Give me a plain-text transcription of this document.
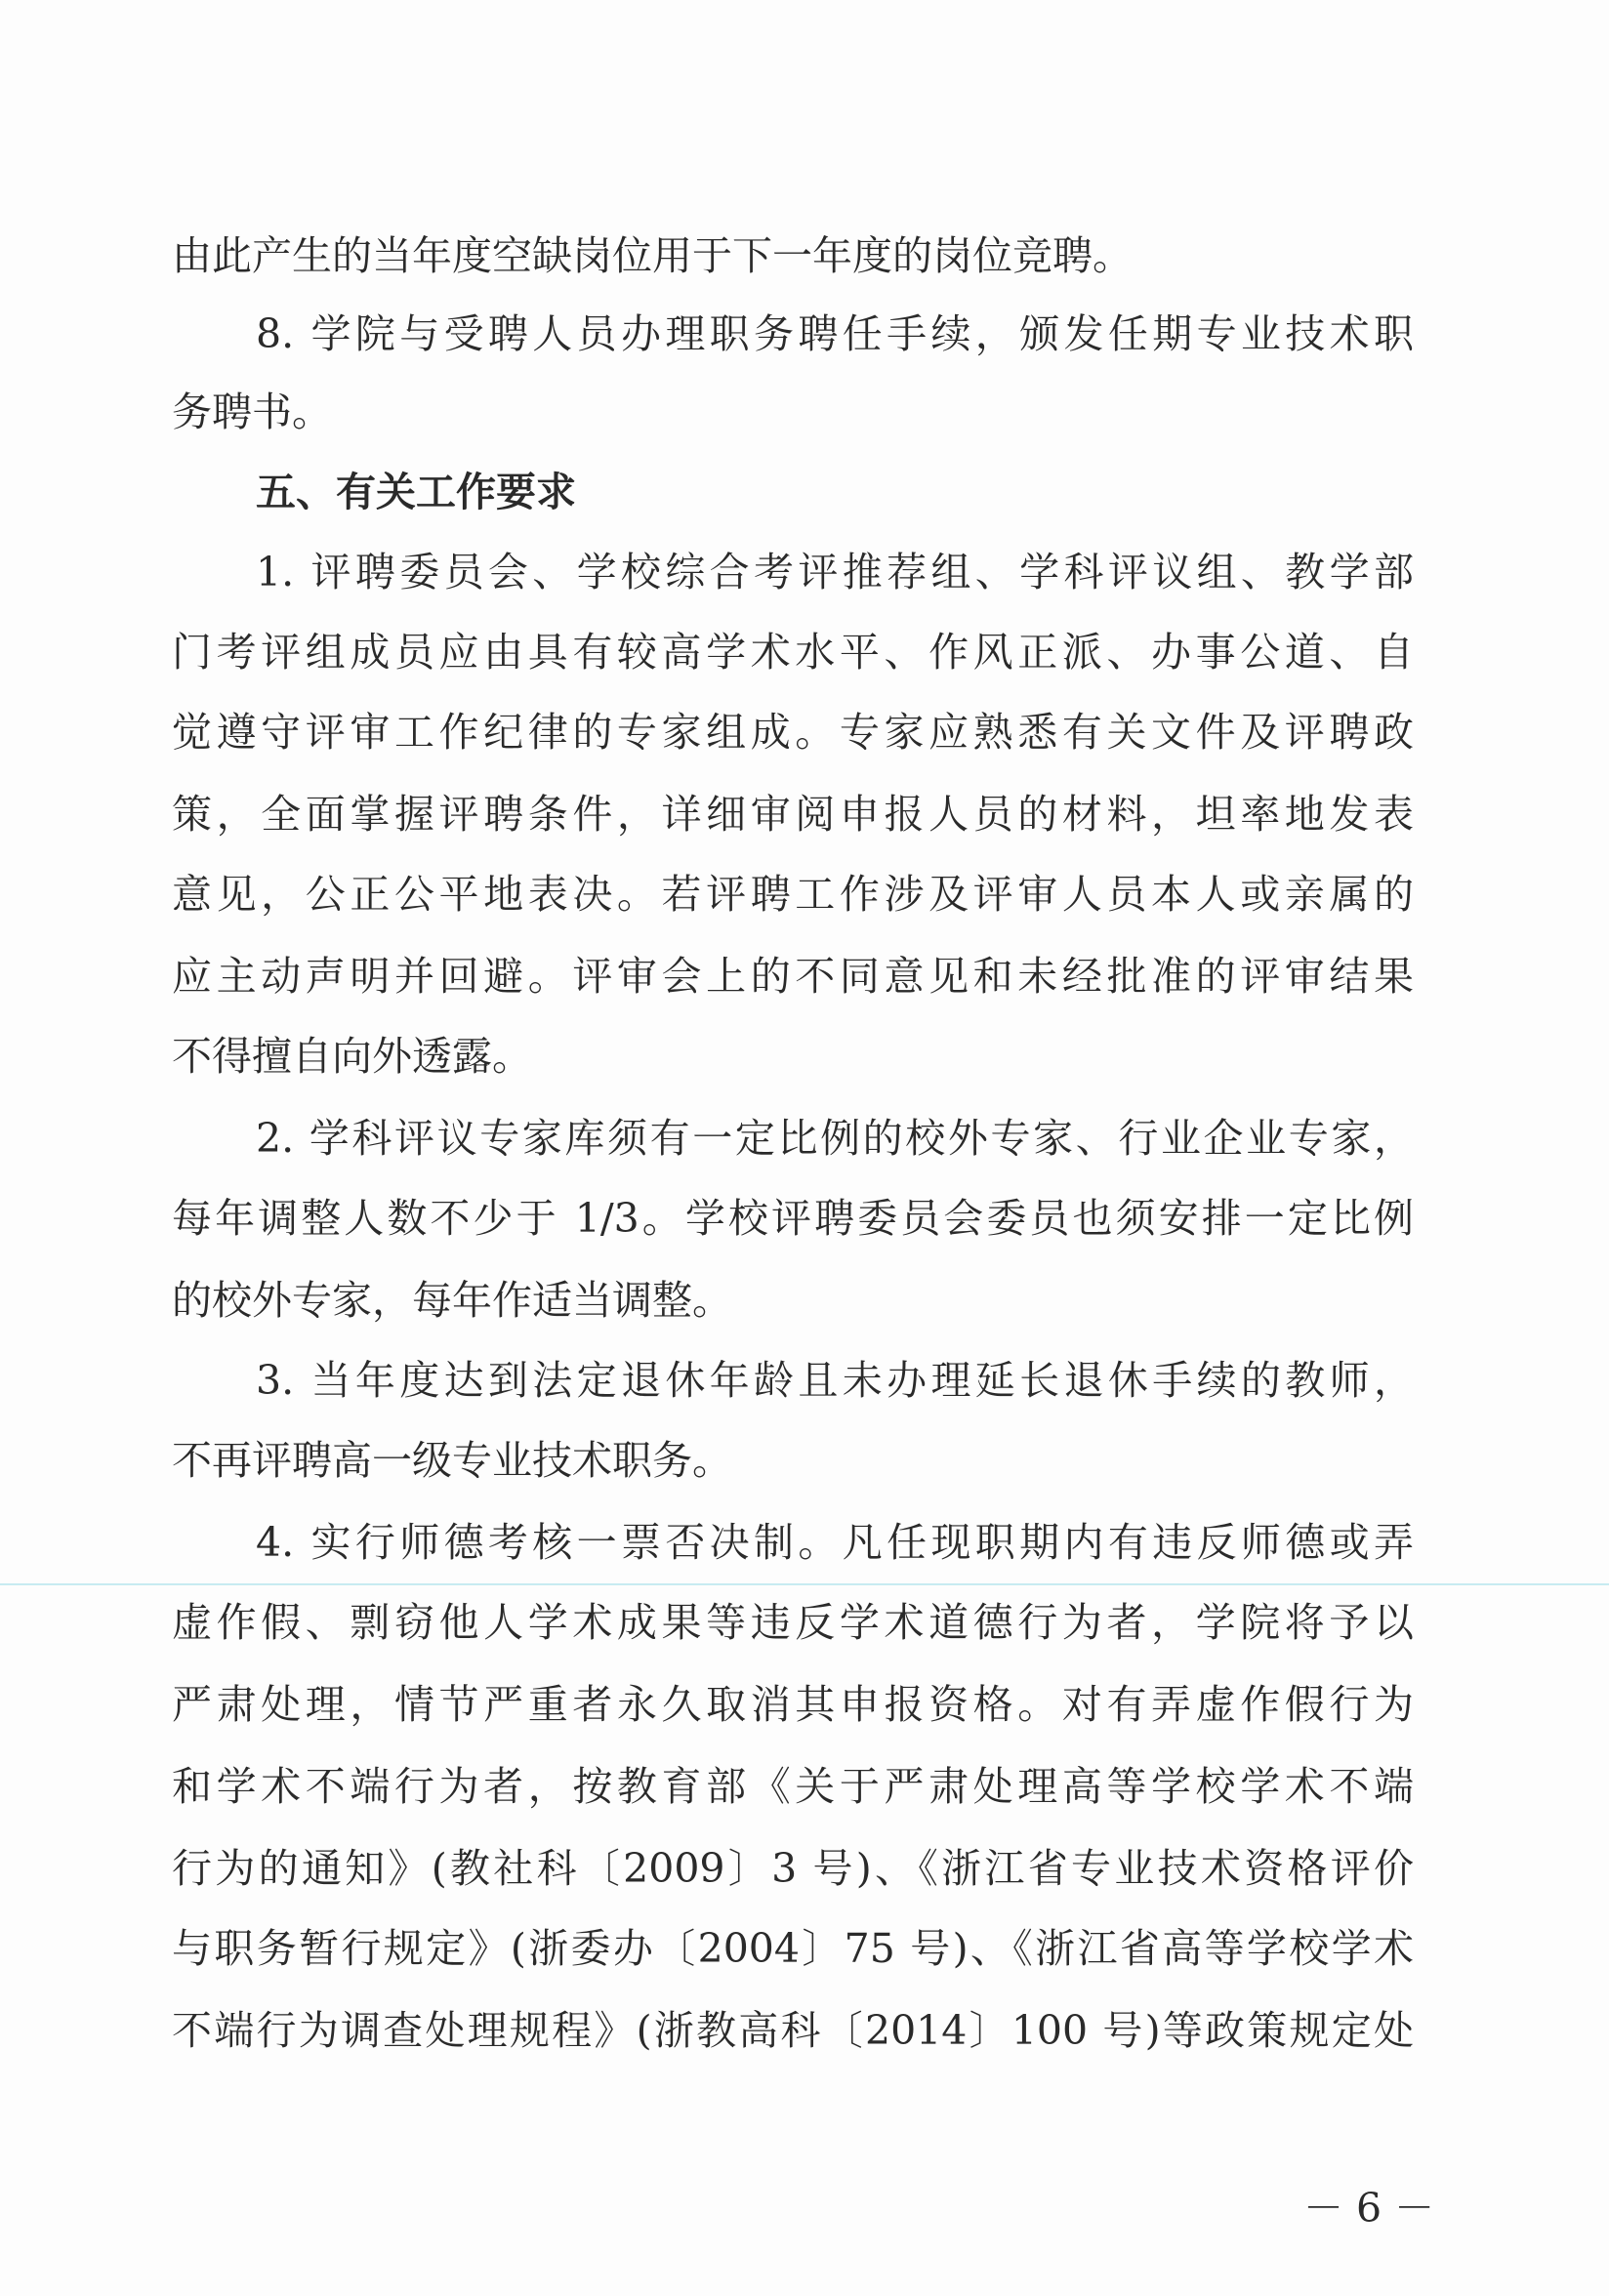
由此产生的当年度空缺岗位用于下一年度的岗位竞聘。
8. 学院与受聘人员办理职务聘任手续，颁发任期专业技术职
务聘书。
五、有关工作要求
1. 评聘委员会、学校综合考评推荐组、学科评议组、教学部
门考评组成员应由具有较高学术水平、作风正派、办事公道、自
觉遵守评审工作纪律的专家组成。专家应熟悉有关文件及评聘政
策，全面掌握评聘条件，详细审阅申报人员的材料，坦率地发表
意见，公正公平地表决。若评聘工作涉及评审人员本人或亲属的
应主动声明并回避。评审会上的不同意见和未经批准的评审结果
不得擅自向外透露。
2. 学科评议专家库须有一定比例的校外专家、行业企业专家，
每年调整人数不少于 1/3。学校评聘委员会委员也须安排一定比例
的校外专家，每年作适当调整。
3. 当年度达到法定退休年龄且未办理延长退休手续的教师，
不再评聘高一级专业技术职务。
4. 实行师德考核一票否决制。凡任现职期内有违反师德或弄
虚作假、剽窃他人学术成果等违反学术道德行为者，学院将予以
严肃处理，情节严重者永久取消其申报资格。对有弄虚作假行为
和学术不端行为者，按教育部《关于严肃处理高等学校学术不端
行为的通知》(教社科〔2009〕3 号)、《浙江省专业技术资格评价
与职务暂行规定》(浙委办〔2004〕75 号)、《浙江省高等学校学术
不端行为调查处理规程》(浙教高科〔2014〕100 号)等政策规定处
－ 6 －
